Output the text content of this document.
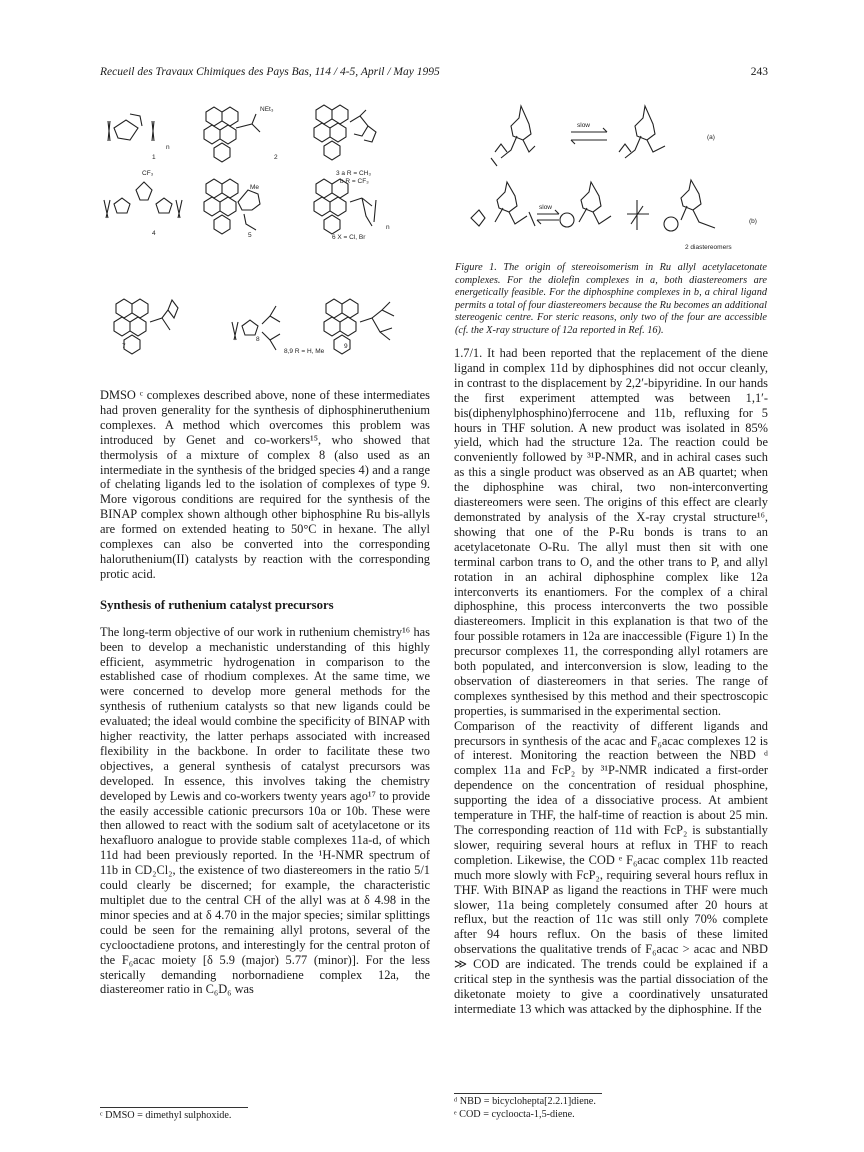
Recueil des Travaux Chimiques des Pays Bas, 114 / 4-5, April / May 1995	243
1
n
2
NEt₃
3 a R = CH₃
b R = CF₃
CF₃
4
Me
5	6 X = Cl, Br
n
7
8
9
8,9 R = H, Me
slow
(a)
slow
(b)
2 diastereomers
Figure 1. The origin of stereoisomerism in Ru allyl acetylacetonate complexes. For the diolefin complexes in a, both diastereomers are energetically feasible. For the diphosphine complexes in b, a chiral ligand permits a total of four diastereomers because the Ru becomes an additional stereogenic centre. For steric reasons, only two of the four are accessible (cf. the X-ray structure of 12a reported in Ref. 16).

DMSO ᶜ complexes described above, none of these intermediates had proven generality for the synthesis of diphosphineruthenium complexes. A method which overcomes this problem was introduced by Genet and co-workers¹⁵, who showed that thermolysis of a mixture of complex 8 (also used as an intermediate in the synthesis of the bridged species 4) and a range of chelating ligands led to the isolation of complexes of type 9. More vigorous conditions are required for the synthesis of the BINAP complex shown although other biphosphine Ru bis-allyls are formed on extended heating to 50°C in hexane. The allyl complexes can also be converted into the corresponding haloruthenium(II) catalysts by reaction with the corresponding protic acid.

Synthesis of ruthenium catalyst precursors

The long-term objective of our work in ruthenium chemistry¹⁶ has been to develop a mechanistic understanding of this highly efficient, asymmetric hydrogenation in comparison to the established case of rhodium complexes. At the same time, we were concerned to develop more general methods for the synthesis of ruthenium catalysts so that new ligands could be evaluated; the ideal would combine the specificity of BINAP with higher reactivity, the latter perhaps associated with increased flexibility in the backbone. In order to facilitate these two objectives, a general synthesis of catalyst precursors was developed. In essence, this involves taking the chemistry developed by Lewis and co-workers twenty years ago¹⁷ to provide the easily accessible cationic precursors 10a or 10b. These were then allowed to react with the sodium salt of acetylacetone or its hexafluoro analogue to provide stable complexes 11a-d, of which 11d had been previously reported. In the ¹H-NMR spectrum of 11b in CD₂Cl₂, the existence of two diastereomers in the ratio 5/1 could clearly be discerned; for example, the characteristic multiplet due to the central CH of the allyl was at δ 4.98 in the minor species and at δ 4.70 in the major species; similar splittings could be seen for the remaining allyl protons, several of the cyclooctadiene protons, and interestingly for the central proton of the F₆acac moiety [δ 5.9 (major) 5.77 (minor)]. For the less sterically demanding norbornadiene complex 12a, the diastereomer ratio in C₆D₆ was

ᶜ DMSO = dimethyl sulphoxide.

1.7/1. It had been reported that the replacement of the diene ligand in complex 11d by diphosphines did not occur cleanly, in contrast to the displacement by 2,2′-bipyridine. In our hands the first experiment attempted was between 1,1′-bis(diphenylphosphino)ferrocene and 11b, refluxing for 5 hours in THF solution. A new product was isolated in 85% yield, which had the structure 12a. The reaction could be conveniently followed by ³¹P-NMR, and in achiral cases such as this a single product was observed as an AB quartet; when the diphosphine was chiral, two non-interconverting diastereomers were seen. The origins of this effect are clearly demonstrated by analysis of the X-ray crystal structure¹⁶, showing that one of the P-Ru bonds is trans to an acetylacetonate O-Ru. The allyl must then sit with one terminal carbon trans to O, and the other trans to P, and allyl rotation in an achiral diphosphine complex like 12a interconverts its enantiomers. For the complex of a chiral diphosphine, this process interconverts the two possible diastereomers. Implicit in this explanation is that two of the four possible rotamers in 12a are inaccessible (Figure 1) In the precursor complexes 11, the corresponding allyl rotamers are both populated, and interconversion is slow, leading to the observation of diastereomers in that series. The range of complexes synthesised by this method and their spectroscopic properties, is summarised in the experimental section.

Comparison of the reactivity of different ligands and precursors in synthesis of the acac and F₆acac complexes 12 is of interest. Monitoring the reaction between the NBD ᵈ complex 11a and FcP₂ by ³¹P-NMR indicated a first-order dependence on the concentration of residual phosphine, supporting the idea of a dissociative process. At ambient temperature in THF, the half-time of reaction is about 25 min. The corresponding reaction of 11d with FcP₂ is substantially slower, requiring several hours at reflux in THF to reach completion. Likewise, the COD ᵉ F₆acac complex 11b reacted much more slowly with FcP₂, requiring several hours reflux in THF. With BINAP as ligand the reactions in THF were much slower, 11a being completely consumed after 20 hours at reflux, but the reaction of 11c was still only 70% complete after 94 hours reflux. On the basis of these limited observations the qualitative trends of F₆acac > acac and NBD ≫ COD are indicated. The trends could be explained if a critical step in the synthesis was the partial dissociation of the diketonate moiety to give a coordinatively unsaturated intermediate 13 which was attacked by the diphosphine. If the

ᵈ NBD = bicyclohepta[2.2.1]diene.
ᵉ COD = cycloocta-1,5-diene.
